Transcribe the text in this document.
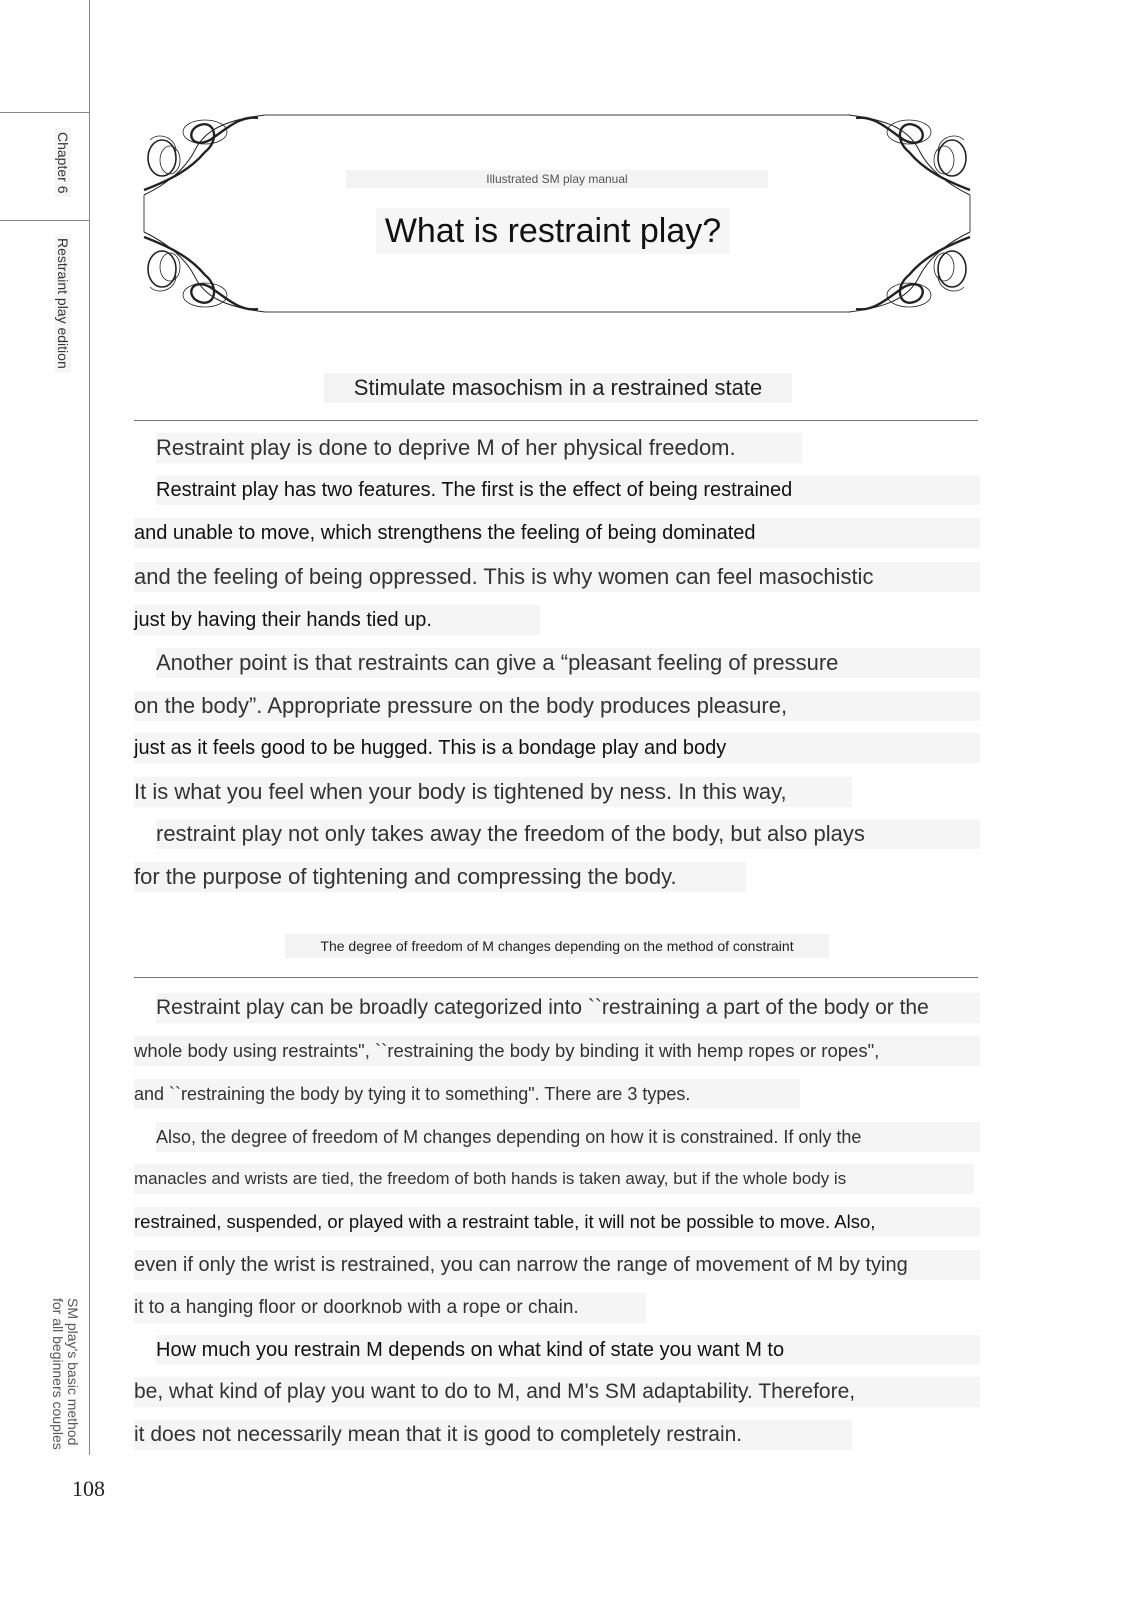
Chapter 6
Restraint play edition
SM play's basic method
for all beginners couples
108
Illustrated SM play manual
What is restraint play?
Stimulate masochism in a restrained state
Restraint play is done to deprive M of her physical freedom.
Restraint play has two features. The first is the effect of being restrained
and unable to move, which strengthens the feeling of being dominated
and the feeling of being oppressed. This is why women can feel masochistic
just by having their hands tied up.
Another point is that restraints can give a “pleasant feeling of pressure
on the body”. Appropriate pressure on the body produces pleasure,
just as it feels good to be hugged. This is a bondage play and body
It is what you feel when your body is tightened by ness. In this way,
restraint play not only takes away the freedom of the body, but also plays
for the purpose of tightening and compressing the body.
The degree of freedom of M changes depending on the method of constraint
Restraint play can be broadly categorized into ``restraining a part of the body or the
whole body using restraints", ``restraining the body by binding it with hemp ropes or ropes",
and ``restraining the body by tying it to something". There are 3 types.
Also, the degree of freedom of M changes depending on how it is constrained. If only the
manacles and wrists are tied, the freedom of both hands is taken away, but if the whole body is
restrained, suspended, or played with a restraint table, it will not be possible to move. Also,
even if only the wrist is restrained, you can narrow the range of movement of M by tying
it to a hanging floor or doorknob with a rope or chain.
How much you restrain M depends on what kind of state you want M to
be, what kind of play you want to do to M, and M's SM adaptability. Therefore,
it does not necessarily mean that it is good to completely restrain.
